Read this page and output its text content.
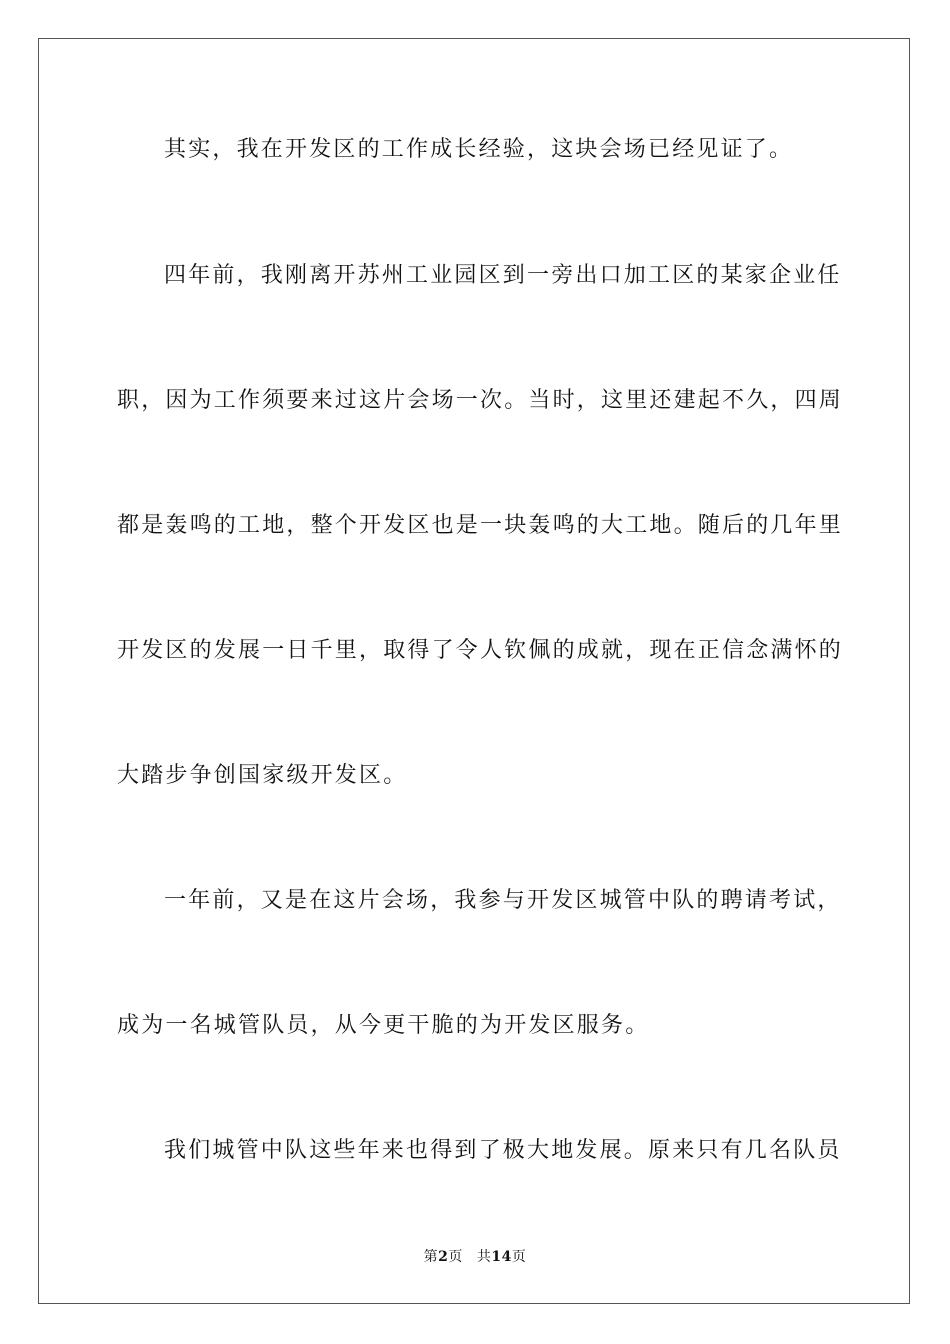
其实，我在开发区的工作成长经验，这块会场已经见证了。
四年前，我刚离开苏州工业园区到一旁出口加工区的某家企业任
职，因为工作须要来过这片会场一次。当时，这里还建起不久，四周
都是轰鸣的工地，整个开发区也是一块轰鸣的大工地。随后的几年里
开发区的发展一日千里，取得了令人钦佩的成就，现在正信念满怀的
大踏步争创国家级开发区。
一年前，又是在这片会场，我参与开发区城管中队的聘请考试，
成为一名城管队员，从今更干脆的为开发区服务。
我们城管中队这些年来也得到了极大地发展。原来只有几名队员
第2页 共14页
